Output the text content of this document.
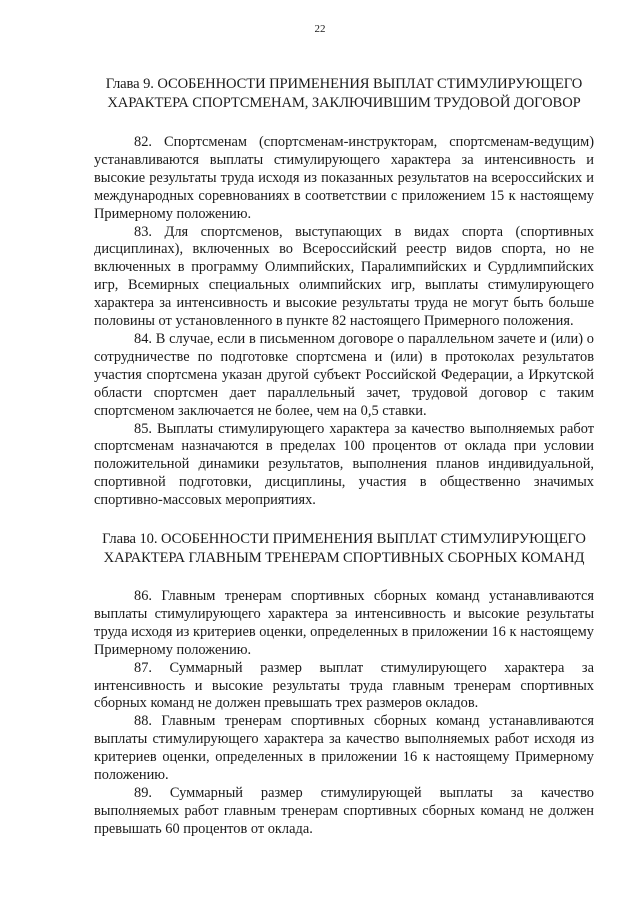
22
Глава 9. ОСОБЕННОСТИ ПРИМЕНЕНИЯ ВЫПЛАТ СТИМУЛИРУЮЩЕГО
ХАРАКТЕРА СПОРТСМЕНАМ, ЗАКЛЮЧИВШИМ ТРУДОВОЙ ДОГОВОР

82. Спортсменам (спортсменам-инструкторам, спортсменам-ведущим) устанавливаются выплаты стимулирующего характера за интенсивность и высокие результаты труда исходя из показанных результатов на всероссийских и международных соревнованиях в соответствии с приложением 15 к настоящему Примерному положению.

83. Для спортсменов, выступающих в видах спорта (спортивных дисциплинах), включенных во Всероссийский реестр видов спорта, но не включенных в программу Олимпийских, Паралимпийских и Сурдлимпийских игр, Всемирных специальных олимпийских игр, выплаты стимулирующего характера за интенсивность и высокие результаты труда не могут быть больше половины от установленного в пункте 82 настоящего Примерного положения.

84. В случае, если в письменном договоре о параллельном зачете и (или) о сотрудничестве по подготовке спортсмена и (или) в протоколах результатов участия спортсмена указан другой субъект Российской Федерации, а Иркутской области спортсмен дает параллельный зачет, трудовой договор с таким спортсменом заключается не более, чем на 0,5 ставки.

85. Выплаты стимулирующего характера за качество выполняемых работ спортсменам назначаются в пределах 100 процентов от оклада при условии положительной динамики результатов, выполнения планов индивидуальной, спортивной подготовки, дисциплины, участия в общественно значимых спортивно-массовых мероприятиях.

Глава 10. ОСОБЕННОСТИ ПРИМЕНЕНИЯ ВЫПЛАТ СТИМУЛИРУЮЩЕГО
ХАРАКТЕРА ГЛАВНЫМ ТРЕНЕРАМ СПОРТИВНЫХ СБОРНЫХ КОМАНД

86. Главным тренерам спортивных сборных команд устанавливаются выплаты стимулирующего характера за интенсивность и высокие результаты труда исходя из критериев оценки, определенных в приложении 16 к настоящему Примерному положению.

87. Суммарный размер выплат стимулирующего характера за интенсивность и высокие результаты труда главным тренерам спортивных сборных команд не должен превышать трех размеров окладов.

88. Главным тренерам спортивных сборных команд устанавливаются выплаты стимулирующего характера за качество выполняемых работ исходя из критериев оценки, определенных в приложении 16 к настоящему Примерному положению.

89. Суммарный размер стимулирующей выплаты за качество выполняемых работ главным тренерам спортивных сборных команд не должен превышать 60 процентов от оклада.
